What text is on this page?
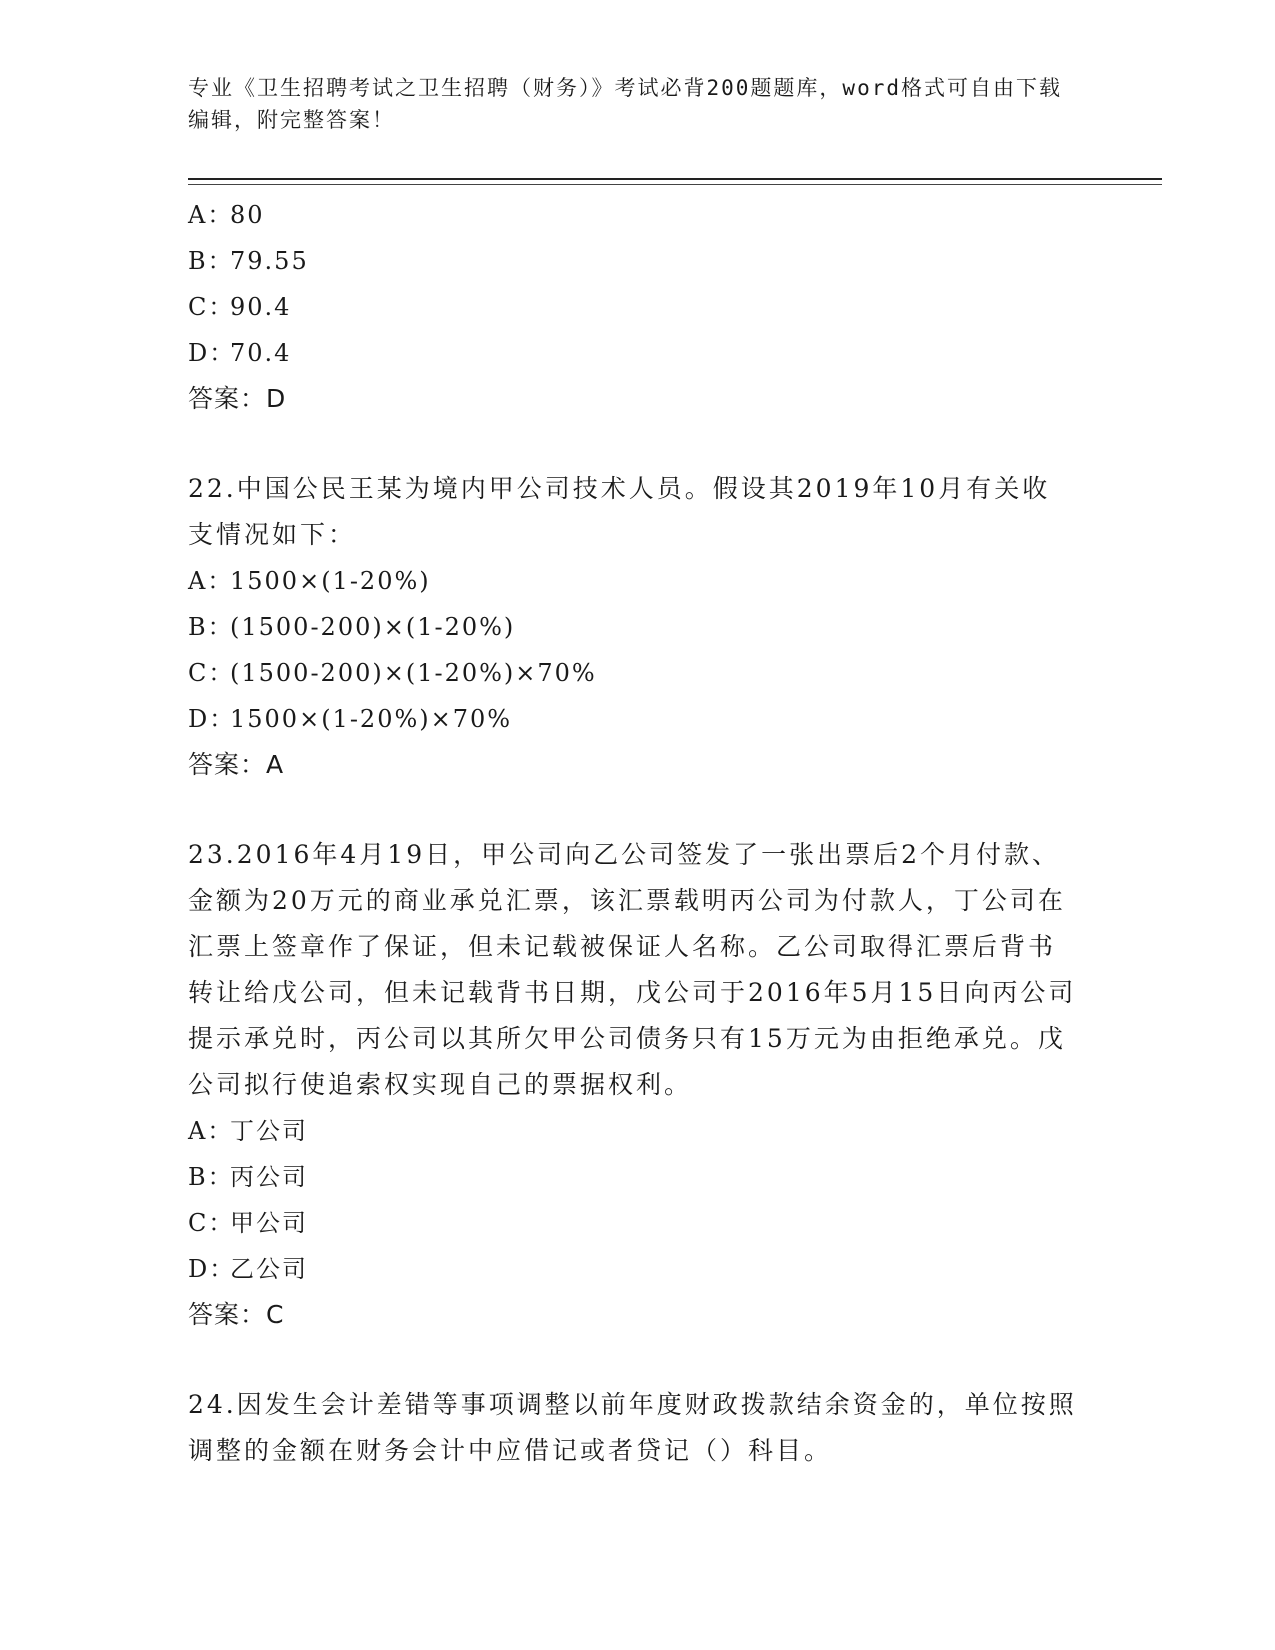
专业《卫生招聘考试之卫生招聘（财务）》考试必背200题题库，word格式可自由下载编辑，附完整答案！
A：80
B：79.55
C：90.4
D：70.4
答案：D
22.中国公民王某为境内甲公司技术人员。假设其2019年10月有关收支情况如下：
A：1500×(1-20%)
B：(1500-200)×(1-20%)
C：(1500-200)×(1-20%)×70%
D：1500×(1-20%)×70%
答案：A
23.2016年4月19日，甲公司向乙公司签发了一张出票后2个月付款、金额为20万元的商业承兑汇票，该汇票载明丙公司为付款人，丁公司在汇票上签章作了保证，但未记载被保证人名称。乙公司取得汇票后背书转让给戊公司，但未记载背书日期，戊公司于2016年5月15日向丙公司提示承兑时，丙公司以其所欠甲公司债务只有15万元为由拒绝承兑。戊公司拟行使追索权实现自己的票据权利。
A：丁公司
B：丙公司
C：甲公司
D：乙公司
答案：C
24.因发生会计差错等事项调整以前年度财政拨款结余资金的，单位按照调整的金额在财务会计中应借记或者贷记（）科目。
